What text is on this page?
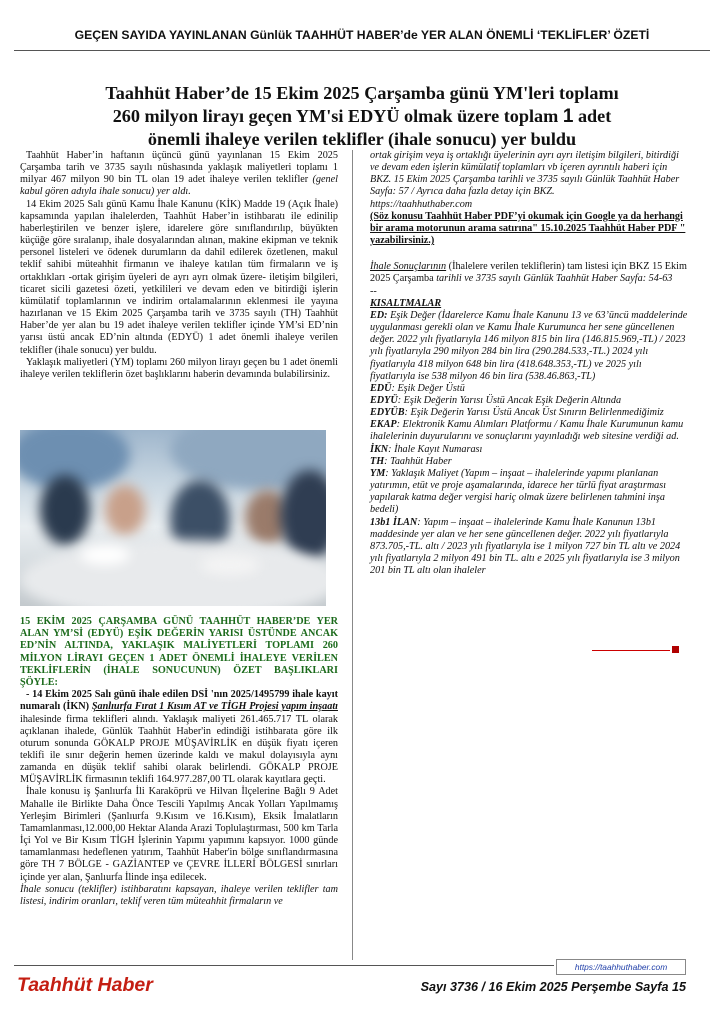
GEÇEN SAYIDA YAYINLANAN Günlük TAAHHÜT HABER’de YER ALAN ÖNEMLİ ‘TEKLİFLER’ ÖZETİ
Taahhüt Haber’de 15 Ekim 2025 Çarşamba günü YM'leri toplamı
260 milyon lirayı geçen YM'si EDYÜ olmak üzere toplam 1 adet
önemli ihaleye verilen teklifler (ihale sonucu) yer buldu

Taahhüt Haber’in haftanın üçüncü günü yayınlanan 15 Ekim 2025 Çarşamba tarih ve 3735 sayılı nüshasında yaklaşık maliyetleri toplamı 1 milyar 467 milyon 90 bin TL olan 19 adet ihaleye verilen teklifler (genel kabul gören adıyla ihale sonucu) yer aldı.

14 Ekim 2025 Salı günü Kamu İhale Kanunu (KİK) Madde 19 (Açık İhale) kapsamında yapılan ihalelerden, Taahhüt Haber’in istihbaratı ile edinilip haberleştirilen ve benzer işlere, idarelere göre sınıflandırılıp, büyükten küçüğe göre sıralanıp, ihale dosyalarından alınan, makine ekipman ve teknik personel listeleri ve ödenek durumların da dahil edilerek özetlenen, makul teklif sahibi müteahhit firmanın ve ihaleye katılan tüm firmaların ve iş ortaklıkları -ortak girişim üyeleri de ayrı ayrı olmak üzere- iletişim bilgileri, ticaret sicili gazetesi özeti, yetkilileri ve devam eden ve bitirdiği işlerin kümülatif toplamlarının ve indirim ortalamalarının eklenmesi ile yayına hazırlanan ve 15 Ekim 2025 Çarşamba tarih ve 3735 sayılı (TH) Taahhüt Haber’de yer alan bu 19 adet ihaleye verilen teklifler içinde YM’si ED’nin yarısı üstü ancak ED’nin altında (EDYÜ) 1 adet önemli ihaleye verilen teklifler (ihale sonucu) yer buldu.

Yaklaşık maliyetleri (YM) toplamı 260 milyon lirayı geçen bu 1 adet önemli ihaleye verilen tekliflerin özet başlıklarını haberin devamında bulabilirsiniz.

15 EKİM 2025 ÇARŞAMBA GÜNÜ TAAHHÜT HABER’DE YER ALAN YM’Sİ (EDYÜ) EŞİK DEĞERİN YARISI ÜSTÜNDE ANCAK ED’NİN ALTINDA, YAKLAŞIK MALİYETLERİ TOPLAMI 260 MİLYON LİRAYI GEÇEN 1 ADET ÖNEMLİ İHALEYE VERİLEN TEKLİFLERİN (İHALE SONUCUNUN) ÖZET BAŞLIKLARI ŞÖYLE:

- 14 Ekim 2025 Salı günü ihale edilen DSİ 'nın 2025/1495799 ihale kayıt numaralı (İKN) Şanlıurfa Fırat 1 Kısım AT ve TİGH Projesi yapım inşaatı ihalesinde firma teklifleri alındı. Yaklaşık maliyeti 261.465.717 TL olarak açıklanan ihalede, Günlük Taahhüt Haber'in edindiği istihbarata göre ilk oturum sonunda GÖKALP PROJE MÜŞAVİRLİK en düşük fiyatı içeren teklifi ile sınır değerin hemen üzerinde kaldı ve makul dolayısıyla aynı zamanda en düşük teklif sahibi olarak belirlendi. GÖKALP PROJE MÜŞAVİRLİK firmasının teklifi 164.977.287,00 TL olarak kayıtlara geçti.

İhale konusu iş Şanlıurfa İli Karaköprü ve Hilvan İlçelerine Bağlı 9 Adet Mahalle ile Birlikte Daha Önce Tescili Yapılmış Ancak Yolları Yapılmamış Yerleşim Birimleri (Şanlıurfa 9.Kısım ve 16.Kısım), Eksik İmalatların Tamamlanması,12.000,00 Hektar Alanda Arazi Toplulaştırması, 500 km Tarla İçi Yol ve Bir Kısım TİGH İşlerinin Yapımı yapımını kapsıyor. 1000 günde tamamlanması hedeflenen yatırım, Taahhüt Haber'in bölge sınıflandırmasına göre TH 7 BÖLGE - GAZİANTEP ve ÇEVRE İLLERİ BÖLGESİ sınırları içinde yer alan, Şanlıurfa İlinde inşa edilecek.

İhale sonucu (teklifler) istihbaratını kapsayan, ihaleye verilen teklifler tam listesi, indirim oranları, teklif veren tüm müteahhit firmaların ve

ortak girişim veya iş ortaklığı üyelerinin ayrı ayrı iletişim bilgileri, bitirdiği ve devam eden işlerin kümülatif toplamları vb içeren ayrıntılı haberi için BKZ. 15 Ekim 2025 Çarşamba tarihli ve 3735 sayılı Günlük Taahhüt Haber Sayfa: 57 / Ayrıca daha fazla detay için BKZ.

https://taahhuthaber.com

(Söz konusu Taahhüt Haber PDF’yi okumak için Google ya da herhangi bir arama motorunun arama satırına" 15.10.2025 Taahhüt Haber PDF " yazabilirsiniz.)

İhale Sonuçlarının (İhalelere verilen tekliflerin) tam listesi için BKZ 15 Ekim 2025 Çarşamba tarihli ve 3735 sayılı Günlük Taahhüt Haber Sayfa: 54-63

--

KISALTMALAR

ED: Eşik Değer (İdarelerce Kamu İhale Kanunu 13 ve 63’üncü maddelerinde uygulanması gerekli olan ve Kamu İhale Kurumunca her sene güncellenen değer. 2022 yılı fiyatlarıyla 146 milyon 815 bin lira (146.815.969,-TL) / 2023 yılı fiyatlarıyla 290 milyon 284 bin lira (290.284.533,-TL.) 2024 yılı fiyatlarıyla 418 milyon 648 bin lira (418.648.353,-TL) ve 2025 yılı fiyatlarıyla ise 538 milyon 46 bin lira (538.46.863,-TL)

EDÜ: Eşik Değer Üstü

EDYÜ: Eşik Değerin Yarısı Üstü Ancak Eşik Değerin Altında

EDYÜB: Eşik Değerin Yarısı Üstü Ancak Üst Sınırın Belirlenmediğimiz

EKAP: Elektronik Kamu Alımları Platformu / Kamu İhale Kurumunun kamu ihalelerinin duyurularını ve sonuçlarını yayınladığı web sitesine verdiği ad.

İKN: İhale Kayıt Numarası

TH: Taahhüt Haber

YM: Yaklaşık Maliyet (Yapım – inşaat – ihalelerinde yapımı planlanan yatırımın, etüt ve proje aşamalarında, idarece her türlü fiyat araştırması yapılarak katma değer vergisi hariç olmak üzere belirlenen tahmini inşa bedeli)

13b1 İLAN: Yapım – inşaat – ihalelerinde Kamu İhale Kanunun 13b1 maddesinde yer alan ve her sene güncellenen değer. 2022 yılı fiyatlarıyla 873.705,-TL. altı / 2023 yılı fiyatlarıyla ise 1 milyon 727 bin TL altı ve 2024 yılı fiyatlarıyla 2 milyon 491 bin TL. altı e 2025 yılı fiyatlarıyla ise 3 milyon 201 bin TL altı olan ihaleler

https://taahhuthaber.com
Taahhüt Haber	Sayı 3736 / 16 Ekim 2025 Perşembe Sayfa 15
